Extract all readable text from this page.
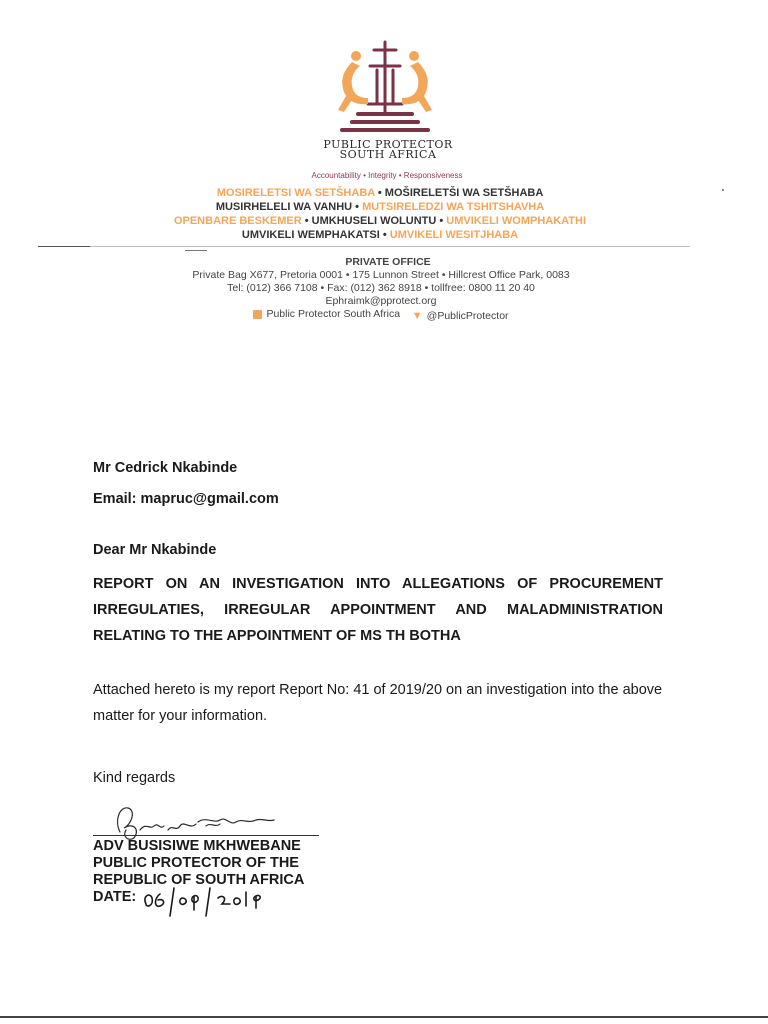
PUBLIC PROTECTOR
SOUTH AFRICA
Accountability • Integrity • Responsiveness
MOSIRELETSI WA SETŠHABA • MOŠIRELETŠI WA SETŠHABA
MUSIRHELELI WA VANHU • MUTSIRELEDZI WA TSHITSHAVHA
OPENBARE BESKEMER • UMKHUSELI WOLUNTU • UMVIKELI WOMPHAKATHI
UMVIKELI WEMPHAKATSI • UMVIKELI WESITJHABA
PRIVATE OFFICE
Private Bag X677, Pretoria 0001 • 175 Lunnon Street • Hillcrest Office Park, 0083
Tel: (012) 366 7108 • Fax: (012) 362 8918 • tollfree: 0800 11 20 40
Ephraimk@pprotect.org
Public Protector South Africa
▼ @PublicProtector
Mr Cedrick Nkabinde
Email: mapruc@gmail.com
Dear Mr Nkabinde
REPORT ON AN INVESTIGATION INTO ALLEGATIONS OF PROCUREMENT
IRREGULATIES, IRREGULAR APPOINTMENT AND MALADMINISTRATION
RELATING TO THE APPOINTMENT OF MS TH BOTHA
Attached hereto is my report Report No: 41 of 2019/20 on an investigation into the above
matter for your information.
Kind regards
ADV BUSISIWE MKHWEBANE
PUBLIC PROTECTOR OF THE
REPUBLIC OF SOUTH AFRICA
DATE:
